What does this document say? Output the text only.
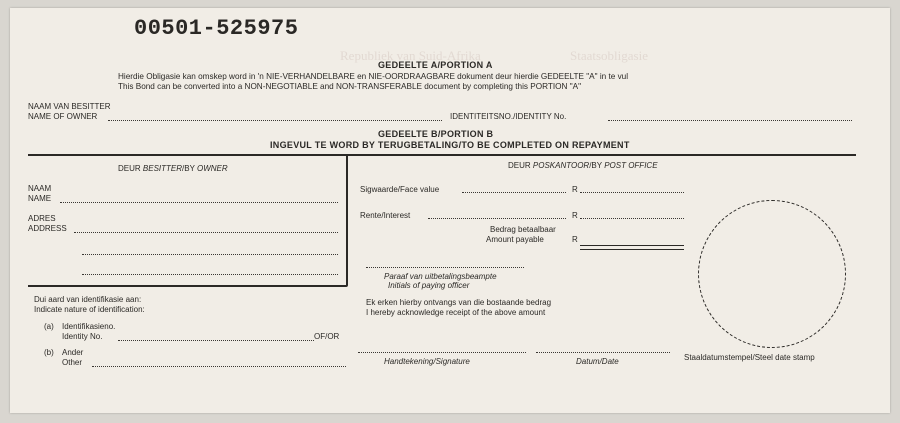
Republiek van Suid-Afrika	Staatsobligasie
00501-525975
GEDEELTE A/PORTION A
Hierdie Obligasie kan omskep word in 'n NIE-VERHANDELBARE en NIE-OORDRAAGBARE dokument deur hierdie GEDEELTE "A" in te vul
This Bond can be converted into a NON-NEGOTIABLE and NON-TRANSFERABLE document by completing this PORTION "A"
NAAM VAN BESITTER
NAME OF OWNER	IDENTITEITSNO./IDENTITY No.
GEDEELTE B/PORTION B
INGEVUL TE WORD BY TERUGBETALING/TO BE COMPLETED ON REPAYMENT
DEUR BESITTER/BY OWNER
NAAM
NAME
ADRES
ADDRESS
DEUR POSKANTOOR/BY POST OFFICE
Sigwaarde/Face value	R
Rente/Interest	R
Bedrag betaalbaar
Amount payable	R
Paraaf van uitbetalingsbeampte
Initials of paying officer
Ek erken hierby ontvangs van die bostaande bedrag
I hereby acknowledge receipt of the above amount
Dui aard van identifikasie aan:
Indicate nature of identification:
(a) Identifikasieno.
Identity No.	OF/OR
(b) Ander
Other	Handtekening/Signature	Datum/Date	Staaldatumstempel/Steel date stamp
